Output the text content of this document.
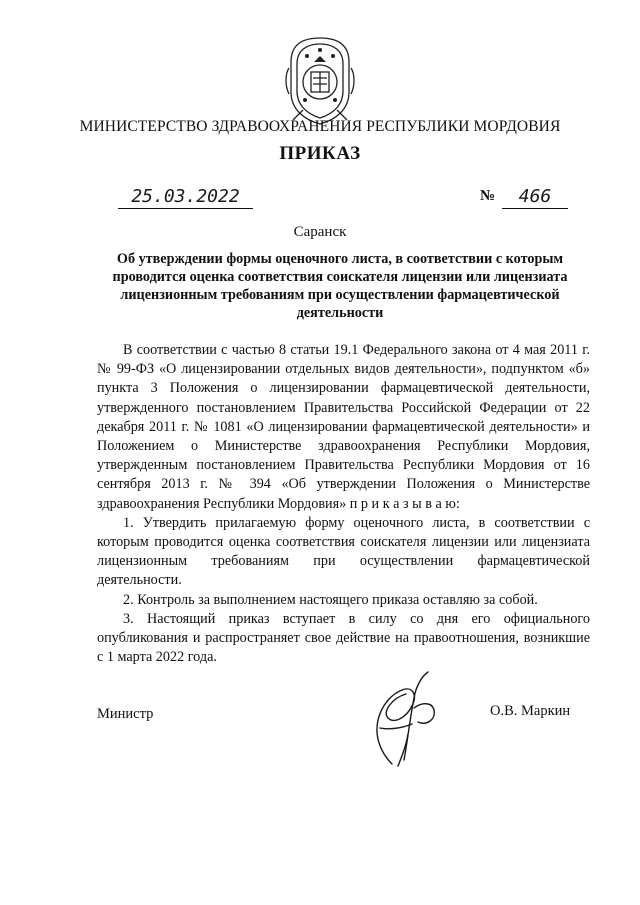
МИНИСТЕРСТВО ЗДРАВООХРАНЕНИЯ РЕСПУБЛИКИ МОРДОВИЯ
ПРИКАЗ
25.03.2022	№	466
Саранск
Об утверждении формы оценочного листа, в соответствии с которым проводится оценка соответствия соискателя лицензии или лицензиата лицензионным требованиям при осуществлении фармацевтической деятельности

В соответствии с частью 8 статьи 19.1 Федерального закона от 4 мая 2011 г. № 99-ФЗ «О лицензировании отдельных видов деятельности», подпунктом «б» пункта 3 Положения о лицензировании фармацевтической деятельности, утвержденного постановлением Правительства Российской Федерации от 22 декабря 2011 г. № 1081 «О лицензировании фармацевтической деятельности» и Положением о Министерстве здравоохранения Республики Мордовия, утвержденным постановлением Правительства Республики Мордовия от 16 сентября 2013 г. № 394 «Об утверждении Положения о Министерстве здравоохранения Республики Мордовия» п р и к а з ы в а ю:

1. Утвердить прилагаемую форму оценочного листа, в соответствии с которым проводится оценка соответствия соискателя лицензии или лицензиата лицензионным требованиям при осуществлении фармацевтической деятельности.

2. Контроль за выполнением настоящего приказа оставляю за собой.

3. Настоящий приказ вступает в силу со дня его официального опубликования и распространяет свое действие на правоотношения, возникшие с 1 марта 2022 года.

Министр	О.В. Маркин
